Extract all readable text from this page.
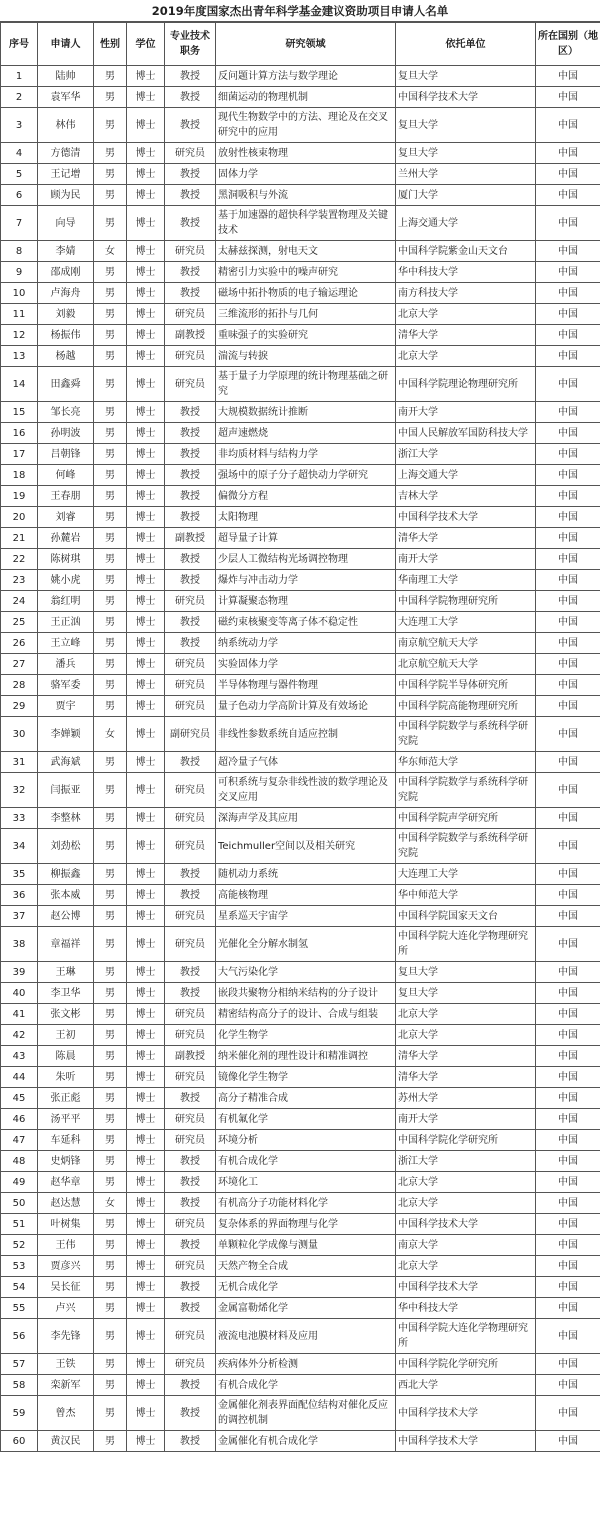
2019年度国家杰出青年科学基金建议资助项目申请人名单
序号	申请人	性别	学位	专业技术职务	研究领域	依托单位	所在国别（地区）
1	陆帅	男	博士	教授	反问题计算方法与数学理论	复旦大学	中国
2	袁军华	男	博士	教授	细菌运动的物理机制	中国科学技术大学	中国
3	林伟	男	博士	教授	现代生物数学中的方法、理论及在交叉研究中的应用	复旦大学	中国
4	方德清	男	博士	研究员	放射性核束物理	复旦大学	中国
5	王记增	男	博士	教授	固体力学	兰州大学	中国
6	顾为民	男	博士	教授	黑洞吸积与外流	厦门大学	中国
7	向导	男	博士	教授	基于加速器的超快科学装置物理及关键技术	上海交通大学	中国
8	李婧	女	博士	研究员	太赫兹探测，射电天文	中国科学院紫金山天文台	中国
9	邵成刚	男	博士	教授	精密引力实验中的噪声研究	华中科技大学	中国
10	卢海舟	男	博士	教授	磁场中拓扑物质的电子输运理论	南方科技大学	中国
11	刘毅	男	博士	研究员	三维流形的拓扑与几何	北京大学	中国
12	杨振伟	男	博士	副教授	重味强子的实验研究	清华大学	中国
13	杨越	男	博士	研究员	湍流与转捩	北京大学	中国
14	田鑫舜	男	博士	研究员	基于量子力学原理的统计物理基础之研究	中国科学院理论物理研究所	中国
15	邹长亮	男	博士	教授	大规模数据统计推断	南开大学	中国
16	孙明波	男	博士	教授	超声速燃烧	中国人民解放军国防科技大学	中国
17	吕朝锋	男	博士	教授	非均质材料与结构力学	浙江大学	中国
18	何峰	男	博士	教授	强场中的原子分子超快动力学研究	上海交通大学	中国
19	王春朋	男	博士	教授	偏微分方程	吉林大学	中国
20	刘睿	男	博士	教授	太阳物理	中国科学技术大学	中国
21	孙麓岩	男	博士	副教授	超导量子计算	清华大学	中国
22	陈树琪	男	博士	教授	少层人工微结构光场调控物理	南开大学	中国
23	姚小虎	男	博士	教授	爆炸与冲击动力学	华南理工大学	中国
24	翁红明	男	博士	研究员	计算凝聚态物理	中国科学院物理研究所	中国
25	王正汹	男	博士	教授	磁约束核聚变等离子体不稳定性	大连理工大学	中国
26	王立峰	男	博士	教授	纳系统动力学	南京航空航天大学	中国
27	潘兵	男	博士	研究员	实验固体力学	北京航空航天大学	中国
28	骆军委	男	博士	研究员	半导体物理与器件物理	中国科学院半导体研究所	中国
29	贾宇	男	博士	研究员	量子色动力学高阶计算及有效场论	中国科学院高能物理研究所	中国
30	李婵颖	女	博士	副研究员	非线性参数系统自适应控制	中国科学院数学与系统科学研究院	中国
31	武海斌	男	博士	教授	超冷量子气体	华东师范大学	中国
32	闫振亚	男	博士	研究员	可积系统与复杂非线性波的数学理论及交叉应用	中国科学院数学与系统科学研究院	中国
33	李整林	男	博士	研究员	深海声学及其应用	中国科学院声学研究所	中国
34	刘劲松	男	博士	研究员	Teichmuller空间以及相关研究	中国科学院数学与系统科学研究院	中国
35	柳振鑫	男	博士	教授	随机动力系统	大连理工大学	中国
36	张本威	男	博士	教授	高能核物理	华中师范大学	中国
37	赵公博	男	博士	研究员	星系巡天宇宙学	中国科学院国家天文台	中国
38	章福祥	男	博士	研究员	光催化全分解水制氢	中国科学院大连化学物理研究所	中国
39	王琳	男	博士	教授	大气污染化学	复旦大学	中国
40	李卫华	男	博士	教授	嵌段共聚物分相纳米结构的分子设计	复旦大学	中国
41	张文彬	男	博士	研究员	精密结构高分子的设计、合成与组装	北京大学	中国
42	王初	男	博士	研究员	化学生物学	北京大学	中国
43	陈晨	男	博士	副教授	纳米催化剂的理性设计和精准调控	清华大学	中国
44	朱听	男	博士	研究员	镜像化学生物学	清华大学	中国
45	张正彪	男	博士	教授	高分子精准合成	苏州大学	中国
46	汤平平	男	博士	研究员	有机氟化学	南开大学	中国
47	车延科	男	博士	研究员	环境分析	中国科学院化学研究所	中国
48	史炳锋	男	博士	教授	有机合成化学	浙江大学	中国
49	赵华章	男	博士	教授	环境化工	北京大学	中国
50	赵达慧	女	博士	教授	有机高分子功能材料化学	北京大学	中国
51	叶树集	男	博士	研究员	复杂体系的界面物理与化学	中国科学技术大学	中国
52	王伟	男	博士	教授	单颗粒化学成像与测量	南京大学	中国
53	贾彦兴	男	博士	研究员	天然产物全合成	北京大学	中国
54	吴长征	男	博士	教授	无机合成化学	中国科学技术大学	中国
55	卢兴	男	博士	教授	金属富勒烯化学	华中科技大学	中国
56	李先锋	男	博士	研究员	液流电池膜材料及应用	中国科学院大连化学物理研究所	中国
57	王铁	男	博士	研究员	疾病体外分析检测	中国科学院化学研究所	中国
58	栾新军	男	博士	教授	有机合成化学	西北大学	中国
59	曾杰	男	博士	教授	金属催化剂表界面配位结构对催化反应的调控机制	中国科学技术大学	中国
60	黄汉民	男	博士	教授	金属催化有机合成化学	中国科学技术大学	中国
